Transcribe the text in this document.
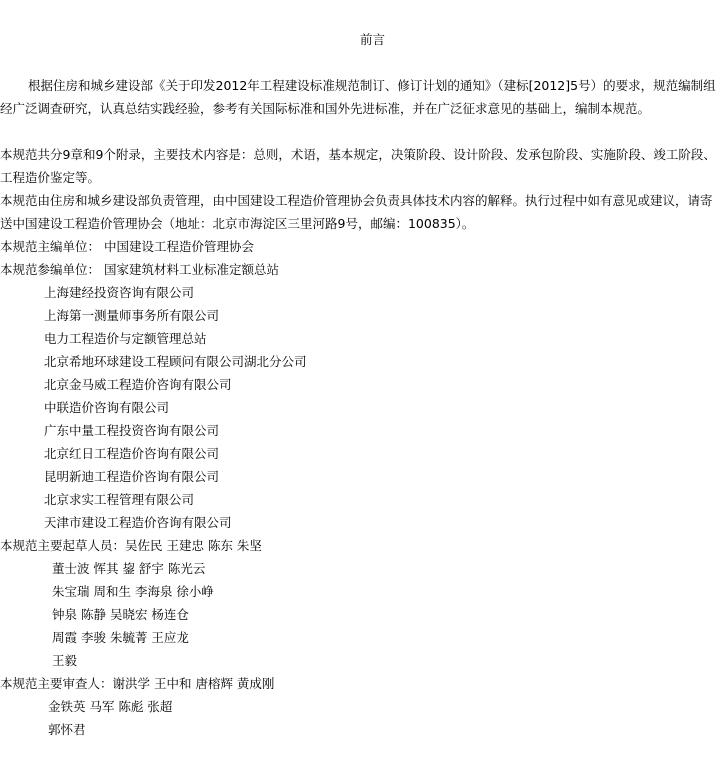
前言

根据住房和城乡建设部《关于印发2012年工程建设标准规范制订、修订计划的通知》（建标[2012]5号）的要求，规范编制组经广泛调查研究，认真总结实践经验，参考有关国际标准和国外先进标准，并在广泛征求意见的基础上，编制本规范。

本规范共分9章和9个附录，主要技术内容是：总则，术语，基本规定，决策阶段、设计阶段、发承包阶段、实施阶段、竣工阶段、工程造价鉴定等。

本规范由住房和城乡建设部负责管理，由中国建设工程造价管理协会负责具体技术内容的解释。执行过程中如有意见或建议，请寄送中国建设工程造价管理协会（地址：北京市海淀区三里河路9号，邮编：100835）。

本规范主编单位： 中国建设工程造价管理协会
本规范参编单位： 国家建筑材料工业标准定额总站
上海建经投资咨询有限公司
上海第一测量师事务所有限公司
电力工程造价与定额管理总站
北京希地环球建设工程顾问有限公司湖北分公司
北京金马威工程造价咨询有限公司
中联造价咨询有限公司
广东中量工程投资咨询有限公司
北京红日工程造价咨询有限公司
昆明新迪工程造价咨询有限公司
北京求实工程管理有限公司
天津市建设工程造价咨询有限公司
本规范主要起草人员：吴佐民 王建忠 陈东 朱坚
董士波 恽其 鋆 舒宇 陈光云
朱宝瑞 周和生 李海泉 徐小峥
钟泉 陈静 吴晓宏 杨连仓
周霞 李骏 朱毓菁 王应龙
王毅
本规范主要审查人：谢洪学 王中和 唐榕辉 黄成刚
金铁英 马军 陈彪 张超
郭怀君
